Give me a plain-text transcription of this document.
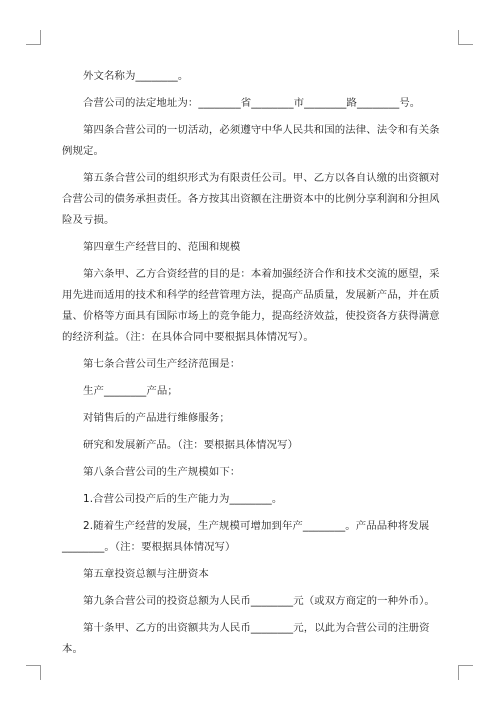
外文名称为________。

合营公司的法定地址为：________省________市________路________号。

第四条合营公司的一切活动，必须遵守中华人民共和国的法律、法令和有关条例规定。

第五条合营公司的组织形式为有限责任公司。甲、乙方以各自认缴的出资额对合营公司的债务承担责任。各方按其出资额在注册资本中的比例分享利润和分担风险及亏损。

第四章生产经营目的、范围和规模

第六条甲、乙方合资经营的目的是：本着加强经济合作和技术交流的愿望，采用先进而适用的技术和科学的经营管理方法，提高产品质量，发展新产品，并在质量、价格等方面具有国际市场上的竞争能力，提高经济效益，使投资各方获得满意的经济利益。（注：在具体合同中要根据具体情况写）。

第七条合营公司生产经济范围是：

生产________产品；

对销售后的产品进行维修服务；

研究和发展新产品。（注：要根据具体情况写）

第八条合营公司的生产规模如下：

1.合营公司投产后的生产能力为________。

2.随着生产经营的发展，生产规模可增加到年产________。产品品种将发展________。（注：要根据具体情况写）

第五章投资总额与注册资本

第九条合营公司的投资总额为人民币________元（或双方商定的一种外币）。

第十条甲、乙方的出资额共为人民币________元，以此为合营公司的注册资本。
